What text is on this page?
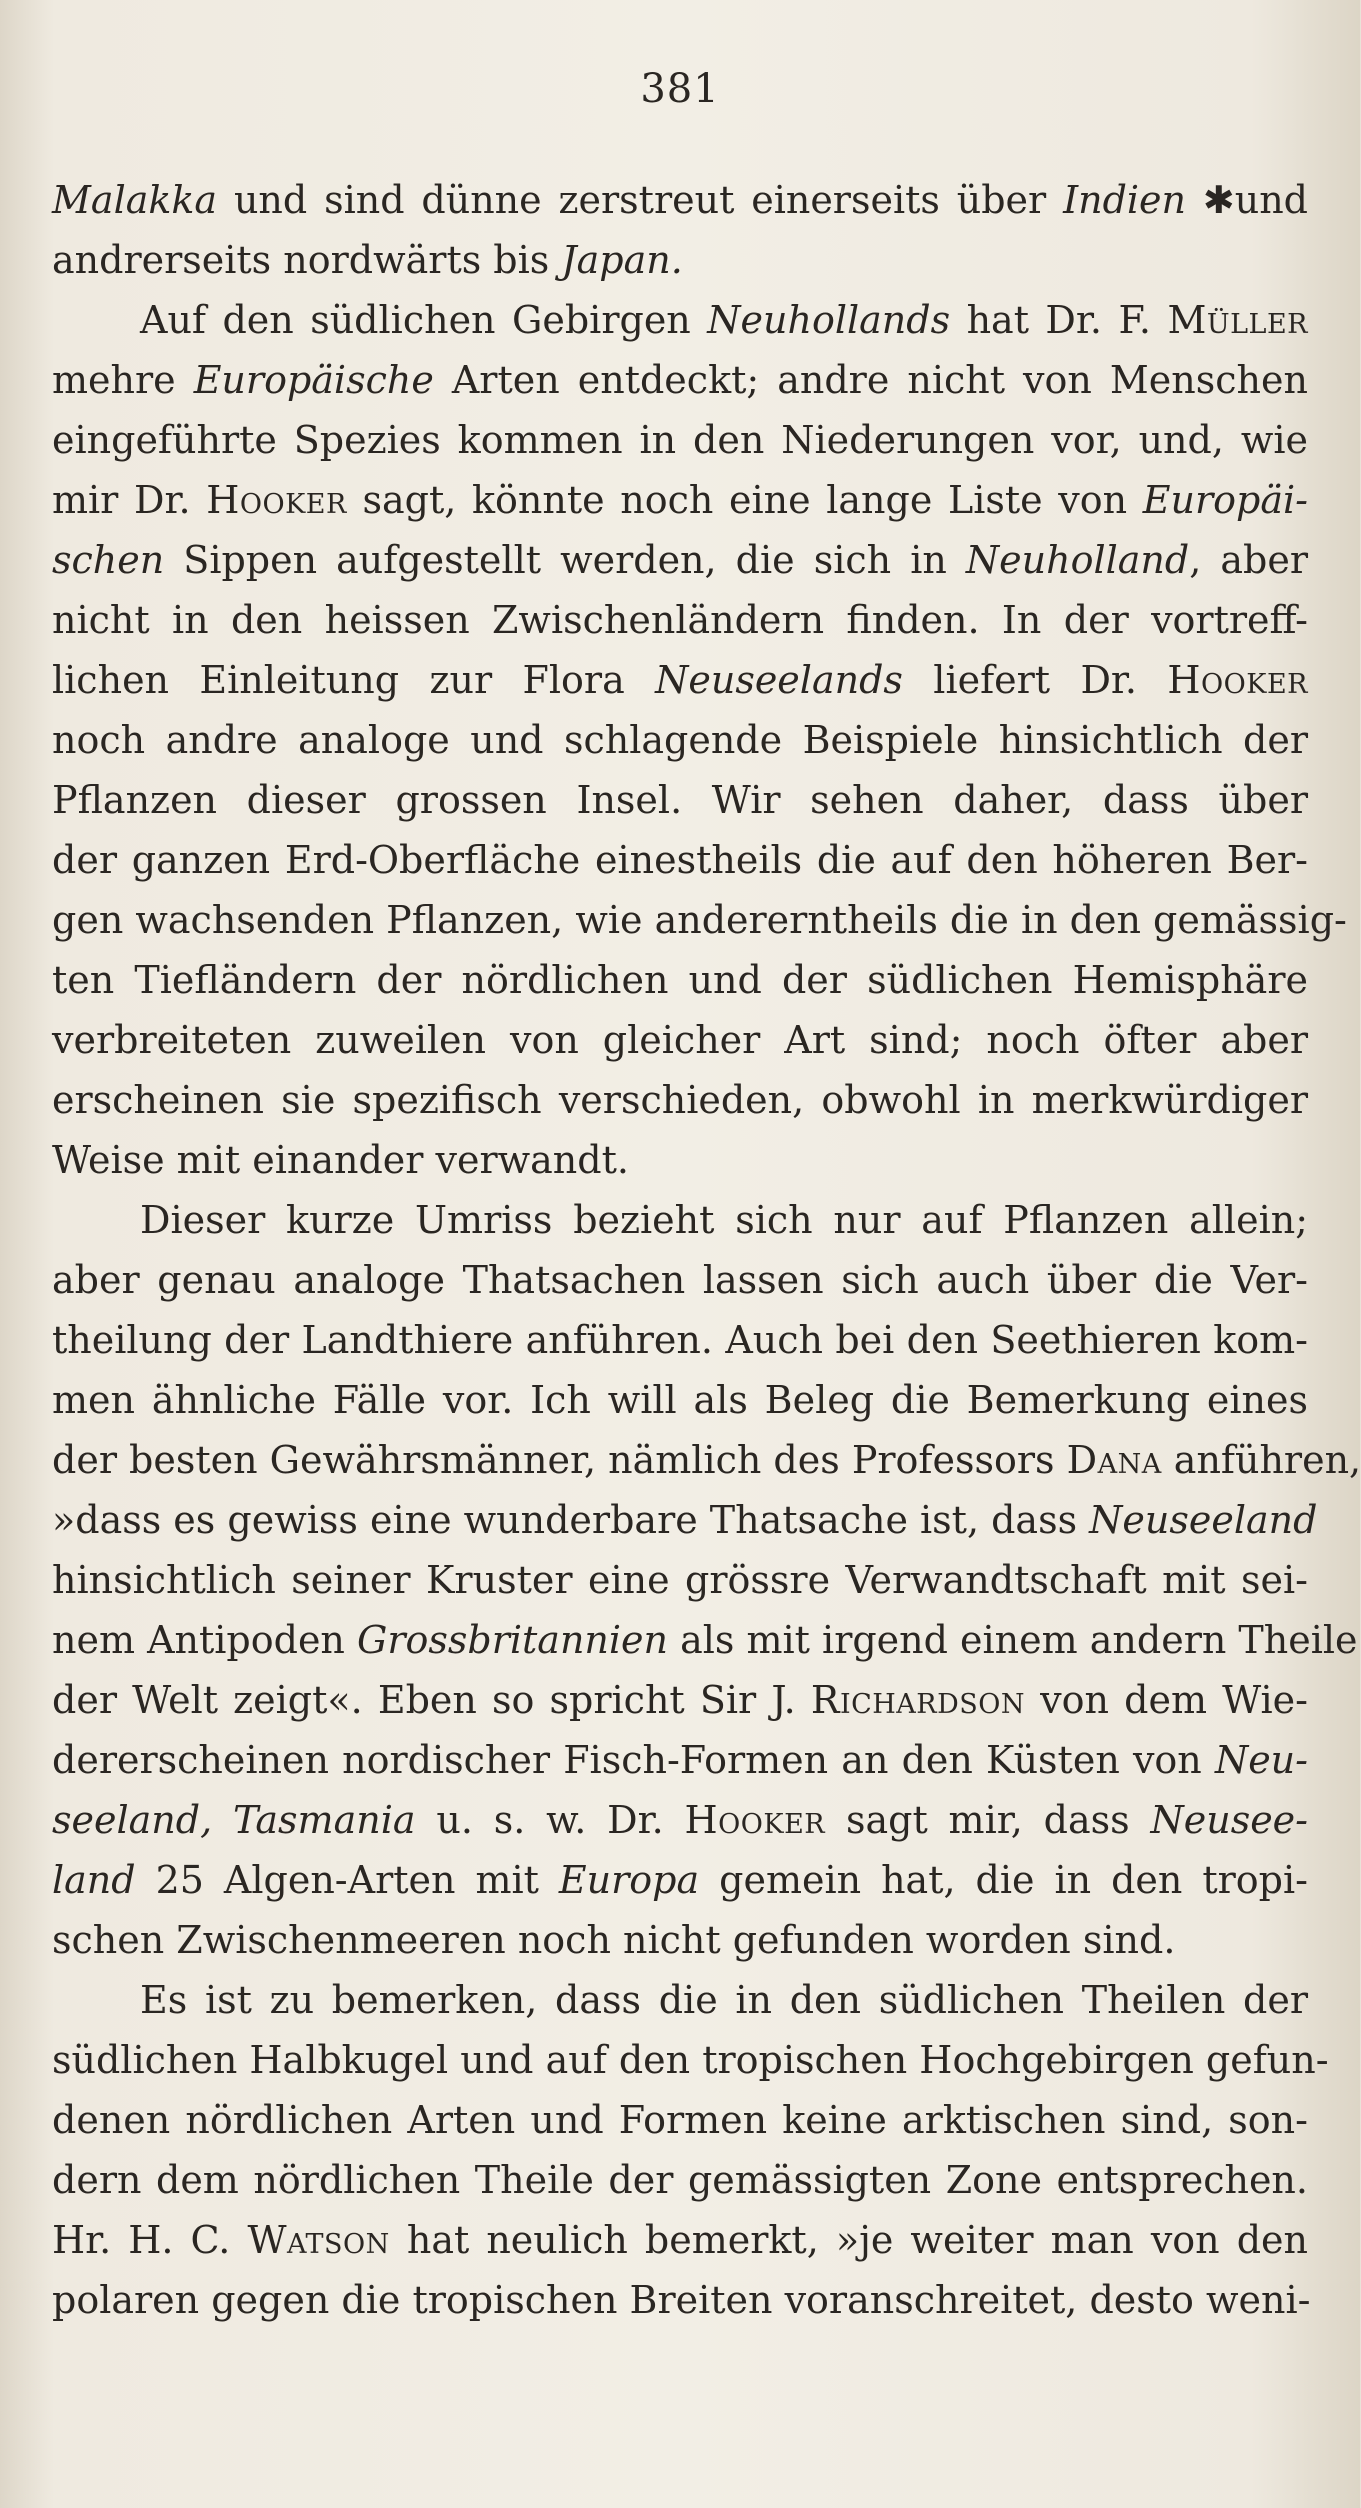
381
Malakka und sind dünne zerstreut einerseits über Indien ✱und
andrerseits nordwärts bis Japan.
Auf den südlichen Gebirgen Neuhollands hat Dr. F. Müller
mehre Europäische Arten entdeckt; andre nicht von Menschen
eingeführte Spezies kommen in den Niederungen vor, und, wie
mir Dr. Hooker sagt, könnte noch eine lange Liste von Europäi-
schen Sippen aufgestellt werden, die sich in Neuholland, aber
nicht in den heissen Zwischenländern finden. In der vortreff-
lichen Einleitung zur Flora Neuseelands liefert Dr. Hooker
noch andre analoge und schlagende Beispiele hinsichtlich der
Pflanzen dieser grossen Insel. Wir sehen daher, dass über
der ganzen Erd-Oberfläche einestheils die auf den höheren Ber-
gen wachsenden Pflanzen, wie andererntheils die in den gemässig-
ten Tiefländern der nördlichen und der südlichen Hemisphäre
verbreiteten zuweilen von gleicher Art sind; noch öfter aber
erscheinen sie spezifisch verschieden, obwohl in merkwürdiger
Weise mit einander verwandt.
Dieser kurze Umriss bezieht sich nur auf Pflanzen allein;
aber genau analoge Thatsachen lassen sich auch über die Ver-
theilung der Landthiere anführen. Auch bei den Seethieren kom-
men ähnliche Fälle vor. Ich will als Beleg die Bemerkung eines
der besten Gewährsmänner, nämlich des Professors Dana anführen,
»dass es gewiss eine wunderbare Thatsache ist, dass Neuseeland
hinsichtlich seiner Kruster eine grössre Verwandtschaft mit sei-
nem Antipoden Grossbritannien als mit irgend einem andern Theile
der Welt zeigt«. Eben so spricht Sir J. Richardson von dem Wie-
dererscheinen nordischer Fisch-Formen an den Küsten von Neu-
seeland, Tasmania u. s. w. Dr. Hooker sagt mir, dass Neusee-
land 25 Algen-Arten mit Europa gemein hat, die in den tropi-
schen Zwischenmeeren noch nicht gefunden worden sind.
Es ist zu bemerken, dass die in den südlichen Theilen der
südlichen Halbkugel und auf den tropischen Hochgebirgen gefun-
denen nördlichen Arten und Formen keine arktischen sind, son-
dern dem nördlichen Theile der gemässigten Zone entsprechen.
Hr. H. C. Watson hat neulich bemerkt, »je weiter man von den
polaren gegen die tropischen Breiten voranschreitet, desto weni-
